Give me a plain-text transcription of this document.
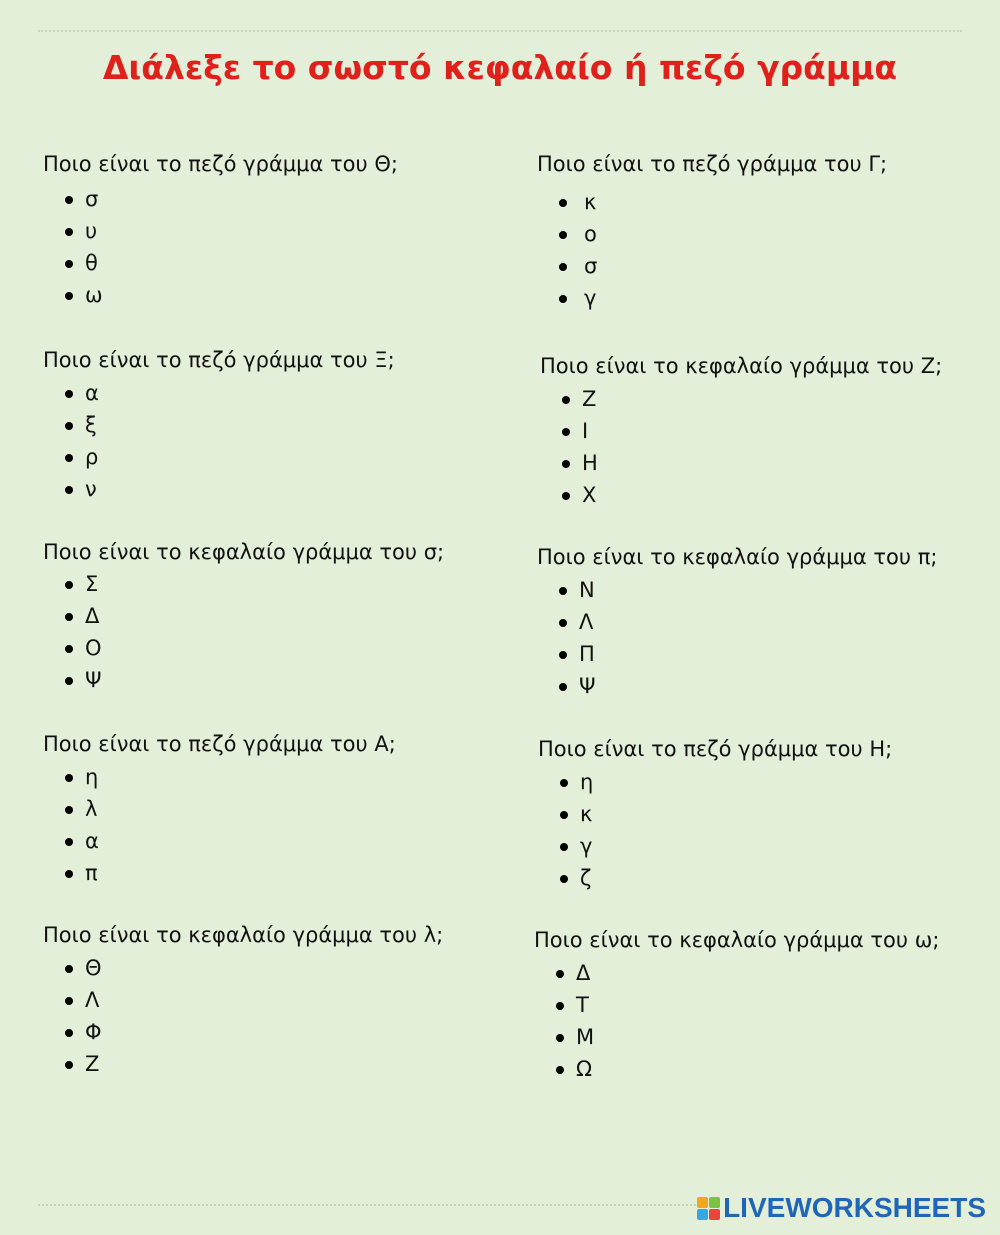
Διάλεξε το σωστό κεφαλαίο ή πεζό γράμμα
Ποιο είναι το πεζό γράμμα του Θ;
σ
υ
θ
ω
Ποιο είναι το πεζό γράμμα του Ξ;
α
ξ
ρ
ν
Ποιο είναι το κεφαλαίο γράμμα του σ;
Σ
Δ
Ο
Ψ
Ποιο είναι το πεζό γράμμα του Α;
η
λ
α
π
Ποιο είναι το κεφαλαίο γράμμα του λ;
Θ
Λ
Φ
Ζ
Ποιο είναι το πεζό γράμμα του Γ;
κ
ο
σ
γ
Ποιο είναι το κεφαλαίο γράμμα του Ζ;
Ζ
Ι
Η
Χ
Ποιο είναι το κεφαλαίο γράμμα του π;
Ν
Λ
Π
Ψ
Ποιο είναι το πεζό γράμμα του Η;
η
κ
γ
ζ
Ποιο είναι το κεφαλαίο γράμμα του ω;
Δ
Τ
Μ
Ω
LIVEWORKSHEETS
